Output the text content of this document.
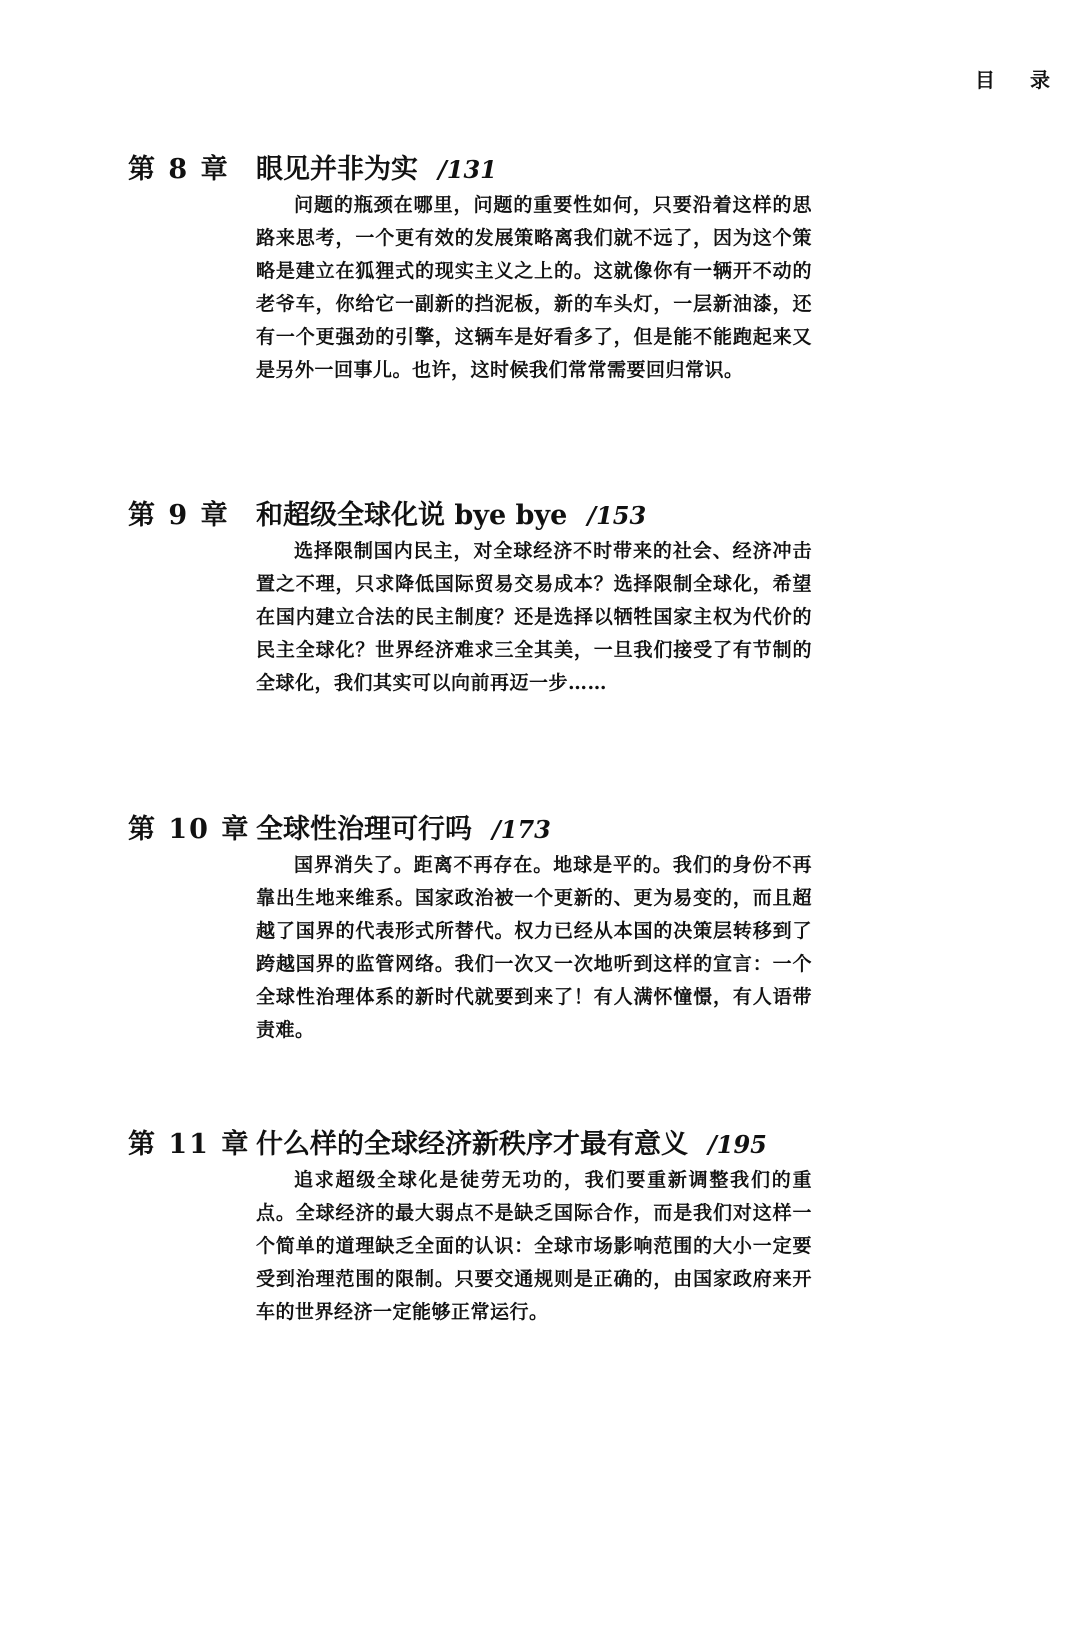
目 录
第 8 章 眼见并非为实 /131

问题的瓶颈在哪里，问题的重要性如何，只要沿着这样的思路来思考，一个更有效的发展策略离我们就不远了，因为这个策略是建立在狐狸式的现实主义之上的。这就像你有一辆开不动的老爷车，你给它一副新的挡泥板，新的车头灯，一层新油漆，还有一个更强劲的引擎，这辆车是好看多了，但是能不能跑起来又是另外一回事儿。也许，这时候我们常常需要回归常识。

第 9 章 和超级全球化说 bye bye /153

选择限制国内民主，对全球经济不时带来的社会、经济冲击置之不理，只求降低国际贸易交易成本？选择限制全球化，希望在国内建立合法的民主制度？还是选择以牺牲国家主权为代价的民主全球化？世界经济难求三全其美，一旦我们接受了有节制的全球化，我们其实可以向前再迈一步……

第 10 章 全球性治理可行吗 /173

国界消失了。距离不再存在。地球是平的。我们的身份不再靠出生地来维系。国家政治被一个更新的、更为易变的，而且超越了国界的代表形式所替代。权力已经从本国的决策层转移到了跨越国界的监管网络。我们一次又一次地听到这样的宣言：一个全球性治理体系的新时代就要到来了！有人满怀憧憬，有人语带责难。

第 11 章 什么样的全球经济新秩序才最有意义 /195

追求超级全球化是徒劳无功的，我们要重新调整我们的重点。全球经济的最大弱点不是缺乏国际合作，而是我们对这样一个简单的道理缺乏全面的认识：全球市场影响范围的大小一定要受到治理范围的限制。只要交通规则是正确的，由国家政府来开车的世界经济一定能够正常运行。
